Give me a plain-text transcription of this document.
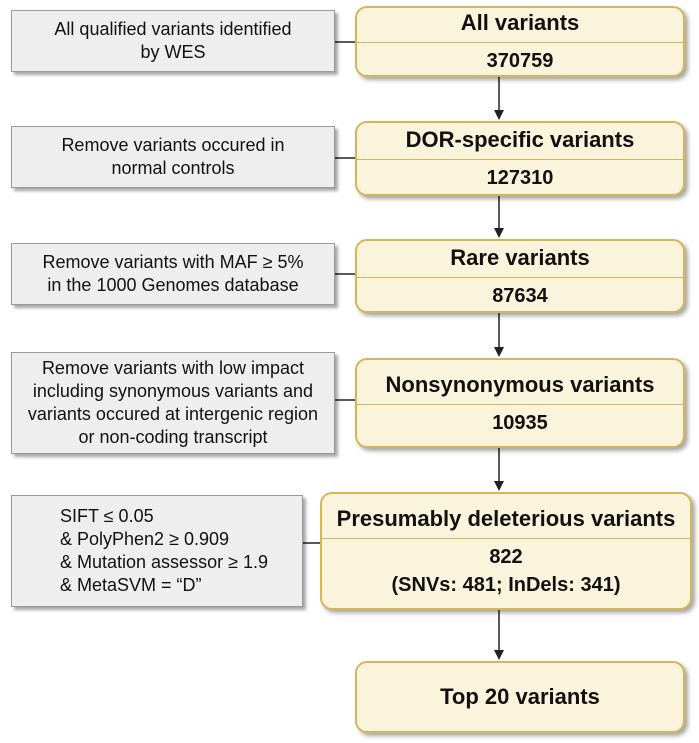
All qualified variants identified
by WES
Remove variants occured in
normal controls
Remove variants with MAF ≥ 5%
in the 1000 Genomes database
Remove variants with low impact
including synonymous variants and
variants occured at intergenic region
or non-coding transcript
SIFT ≤ 0.05
& PolyPhen2 ≥ 0.909
& Mutation assessor ≥ 1.9
& MetaSVM = “D”
All variants
370759
DOR-specific variants
127310
Rare variants
87634
Nonsynonymous variants
10935
Presumably deleterious variants
822
(SNVs: 481; InDels: 341)
Top 20 variants
